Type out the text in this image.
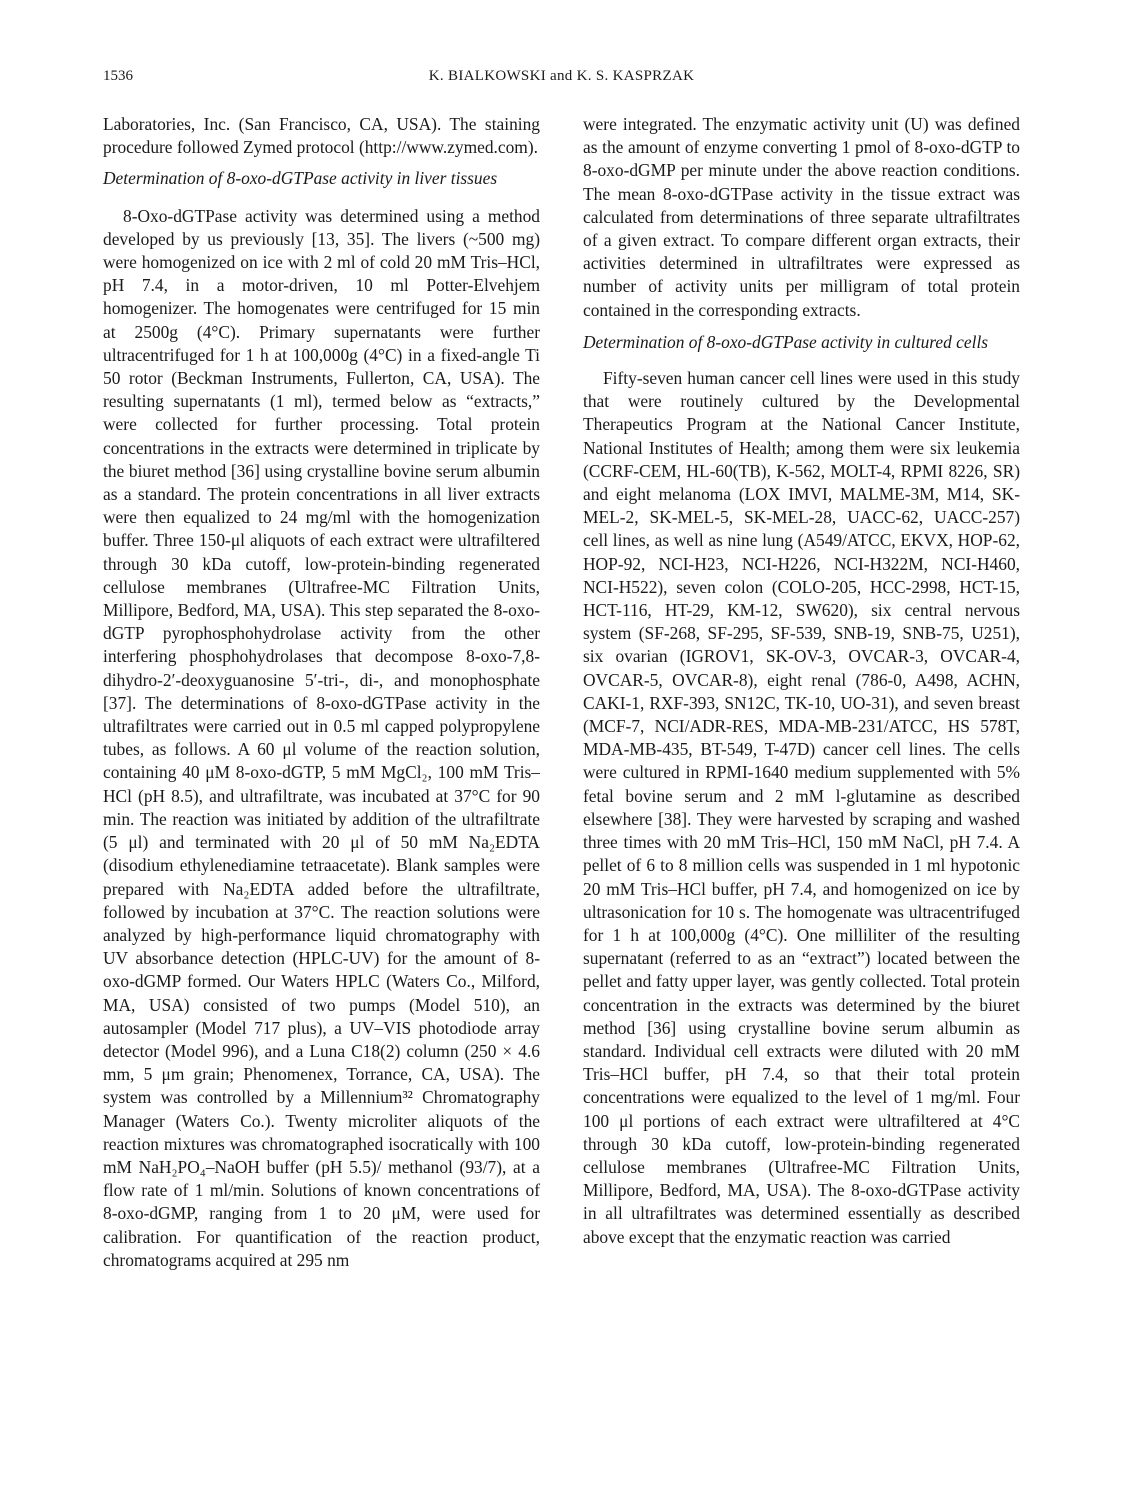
1536	K. BIALKOWSKI and K. S. KASPRZAK

Laboratories, Inc. (San Francisco, CA, USA). The staining procedure followed Zymed protocol (http://www.zymed.com).

Determination of 8-oxo-dGTPase activity in liver tissues

8-Oxo-dGTPase activity was determined using a method developed by us previously [13, 35]. The livers (~500 mg) were homogenized on ice with 2 ml of cold 20 mM Tris–HCl, pH 7.4, in a motor-driven, 10 ml Potter-Elvehjem homogenizer. The homogenates were centrifuged for 15 min at 2500g (4°C). Primary supernatants were further ultracentrifuged for 1 h at 100,000g (4°C) in a fixed-angle Ti 50 rotor (Beckman Instruments, Fullerton, CA, USA). The resulting supernatants (1 ml), termed below as “extracts,” were collected for further processing. Total protein concentrations in the extracts were determined in triplicate by the biuret method [36] using crystalline bovine serum albumin as a standard. The protein concentrations in all liver extracts were then equalized to 24 mg/ml with the homogenization buffer. Three 150-μl aliquots of each extract were ultrafiltered through 30 kDa cutoff, low-protein-binding regenerated cellulose membranes (Ultrafree-MC Filtration Units, Millipore, Bedford, MA, USA). This step separated the 8-oxo-dGTP pyrophosphohydrolase activity from the other interfering phosphohydrolases that decompose 8-oxo-7,8-dihydro-2′-deoxyguanosine 5′-tri-, di-, and monophosphate [37]. The determinations of 8-oxo-dGTPase activity in the ultrafiltrates were carried out in 0.5 ml capped polypropylene tubes, as follows. A 60 μl volume of the reaction solution, containing 40 μM 8-oxo-dGTP, 5 mM MgCl₂, 100 mM Tris–HCl (pH 8.5), and ultrafiltrate, was incubated at 37°C for 90 min. The reaction was initiated by addition of the ultrafiltrate (5 μl) and terminated with 20 μl of 50 mM Na₂EDTA (disodium ethylenediamine tetraacetate). Blank samples were prepared with Na₂EDTA added before the ultrafiltrate, followed by incubation at 37°C. The reaction solutions were analyzed by high-performance liquid chromatography with UV absorbance detection (HPLC-UV) for the amount of 8-oxo-dGMP formed. Our Waters HPLC (Waters Co., Milford, MA, USA) consisted of two pumps (Model 510), an autosampler (Model 717 plus), a UV–VIS photodiode array detector (Model 996), and a Luna C18(2) column (250 × 4.6 mm, 5 μm grain; Phenomenex, Torrance, CA, USA). The system was controlled by a Millennium³² Chromatography Manager (Waters Co.). Twenty microliter aliquots of the reaction mixtures was chromatographed isocratically with 100 mM NaH₂PO₄–NaOH buffer (pH 5.5)/ methanol (93/7), at a flow rate of 1 ml/min. Solutions of known concentrations of 8-oxo-dGMP, ranging from 1 to 20 μM, were used for calibration. For quantification of the reaction product, chromatograms acquired at 295 nm

were integrated. The enzymatic activity unit (U) was defined as the amount of enzyme converting 1 pmol of 8-oxo-dGTP to 8-oxo-dGMP per minute under the above reaction conditions. The mean 8-oxo-dGTPase activity in the tissue extract was calculated from determinations of three separate ultrafiltrates of a given extract. To compare different organ extracts, their activities determined in ultrafiltrates were expressed as number of activity units per milligram of total protein contained in the corresponding extracts.

Determination of 8-oxo-dGTPase activity in cultured cells

Fifty-seven human cancer cell lines were used in this study that were routinely cultured by the Developmental Therapeutics Program at the National Cancer Institute, National Institutes of Health; among them were six leukemia (CCRF-CEM, HL-60(TB), K-562, MOLT-4, RPMI 8226, SR) and eight melanoma (LOX IMVI, MALME-3M, M14, SK-MEL-2, SK-MEL-5, SK-MEL-28, UACC-62, UACC-257) cell lines, as well as nine lung (A549/ATCC, EKVX, HOP-62, HOP-92, NCI-H23, NCI-H226, NCI-H322M, NCI-H460, NCI-H522), seven colon (COLO-205, HCC-2998, HCT-15, HCT-116, HT-29, KM-12, SW620), six central nervous system (SF-268, SF-295, SF-539, SNB-19, SNB-75, U251), six ovarian (IGROV1, SK-OV-3, OVCAR-3, OVCAR-4, OVCAR-5, OVCAR-8), eight renal (786-0, A498, ACHN, CAKI-1, RXF-393, SN12C, TK-10, UO-31), and seven breast (MCF-7, NCI/ADR-RES, MDA-MB-231/ATCC, HS 578T, MDA-MB-435, BT-549, T-47D) cancer cell lines. The cells were cultured in RPMI-1640 medium supplemented with 5% fetal bovine serum and 2 mM l-glutamine as described elsewhere [38]. They were harvested by scraping and washed three times with 20 mM Tris–HCl, 150 mM NaCl, pH 7.4. A pellet of 6 to 8 million cells was suspended in 1 ml hypotonic 20 mM Tris–HCl buffer, pH 7.4, and homogenized on ice by ultrasonication for 10 s. The homogenate was ultracentrifuged for 1 h at 100,000g (4°C). One milliliter of the resulting supernatant (referred to as an “extract”) located between the pellet and fatty upper layer, was gently collected. Total protein concentration in the extracts was determined by the biuret method [36] using crystalline bovine serum albumin as standard. Individual cell extracts were diluted with 20 mM Tris–HCl buffer, pH 7.4, so that their total protein concentrations were equalized to the level of 1 mg/ml. Four 100 μl portions of each extract were ultrafiltered at 4°C through 30 kDa cutoff, low-protein-binding regenerated cellulose membranes (Ultrafree-MC Filtration Units, Millipore, Bedford, MA, USA). The 8-oxo-dGTPase activity in all ultrafiltrates was determined essentially as described above except that the enzymatic reaction was carried
